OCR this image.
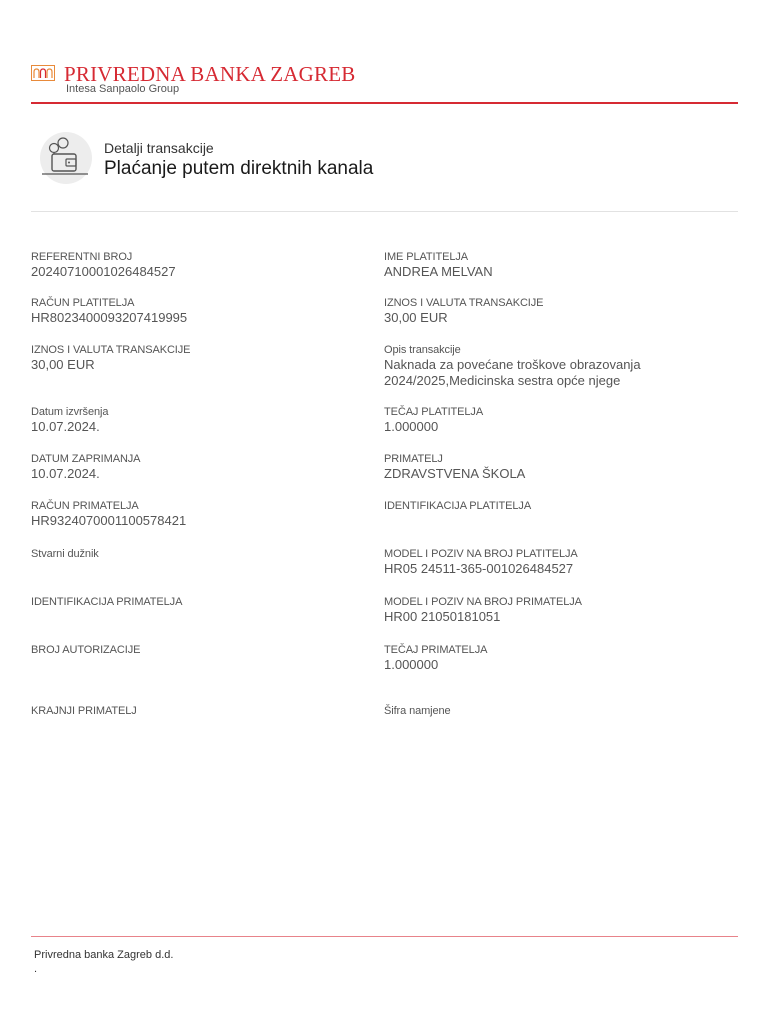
PRIVREDNA BANKA ZAGREB
Intesa Sanpaolo Group
Detalji transakcije
Plaćanje putem direktnih kanala
REFERENTNI BROJ
20240710001026484527
RAČUN PLATITELJA
HR8023400093207419995
IZNOS I VALUTA TRANSAKCIJE
30,00 EUR
Datum izvršenja
10.07.2024.
DATUM ZAPRIMANJA
10.07.2024.
RAČUN PRIMATELJA
HR9324070001100578421
Stvarni dužnik
IDENTIFIKACIJA PRIMATELJA
BROJ AUTORIZACIJE
KRAJNJI PRIMATELJ
IME PLATITELJA
ANDREA MELVAN
IZNOS I VALUTA TRANSAKCIJE
30,00 EUR
Opis transakcije
Naknada za povećane troškove obrazovanja
2024/2025,Medicinska sestra opće njege
TEČAJ PLATITELJA
1.000000
PRIMATELJ
ZDRAVSTVENA ŠKOLA
IDENTIFIKACIJA PLATITELJA
MODEL I POZIV NA BROJ PLATITELJA
HR05 24511-365-001026484527
MODEL I POZIV NA BROJ PRIMATELJA
HR00 21050181051
TEČAJ PRIMATELJA
1.000000
Šifra namjene
Privredna banka Zagreb d.d.
.
